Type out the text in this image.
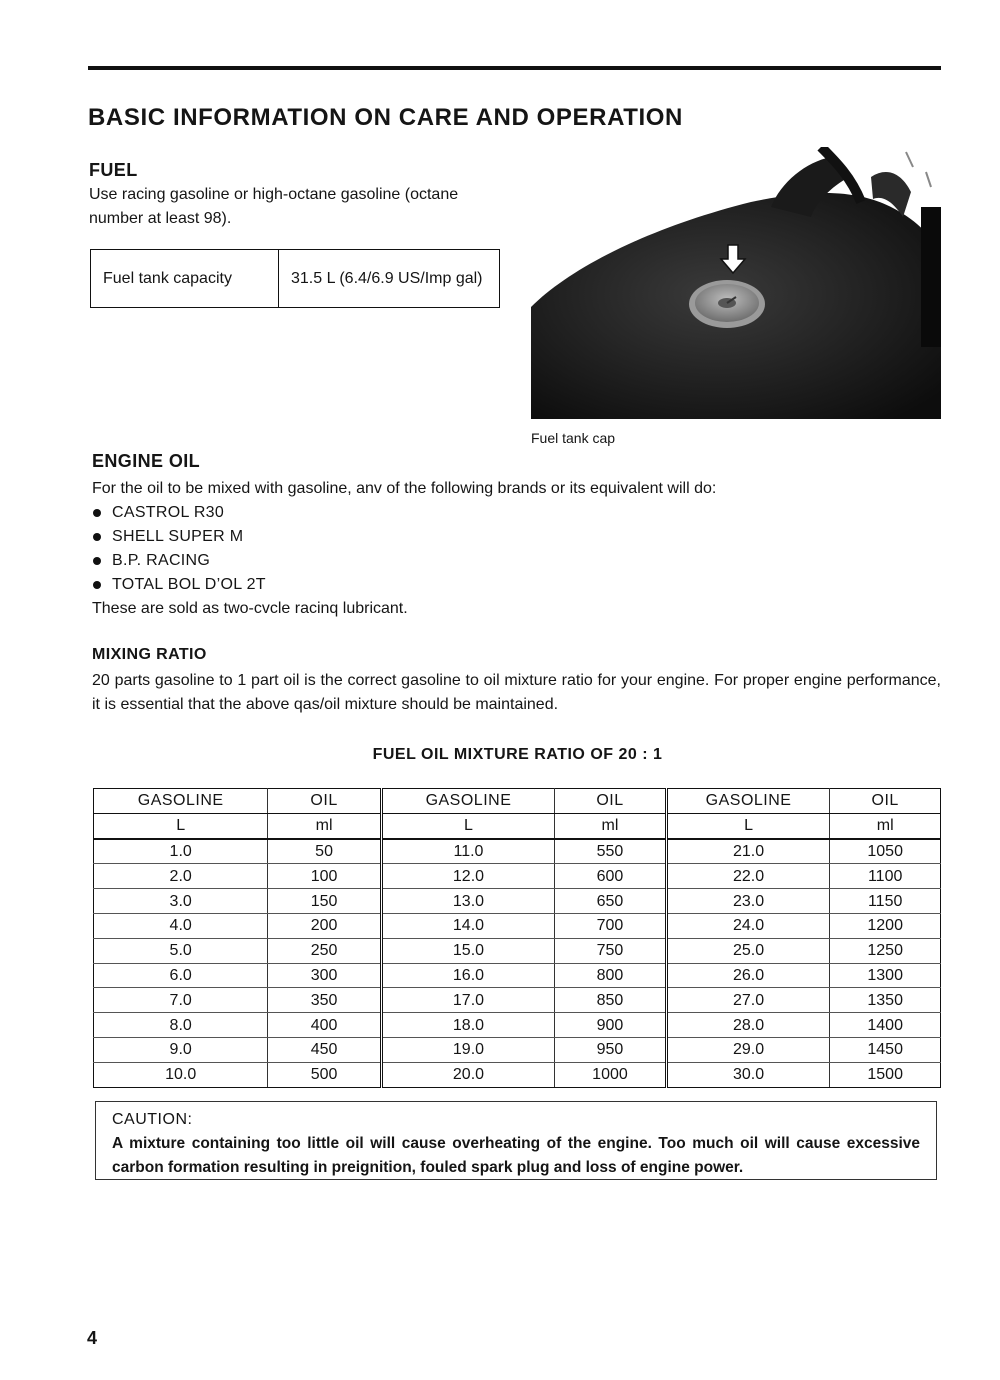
BASIC INFORMATION ON CARE AND OPERATION
FUEL

Use racing gasoline or high-octane gasoline (octane number at least 98).

Fuel tank capacity	31.5 L (6.4/6.9 US/Imp gal)
Fuel tank cap
ENGINE OIL

For the oil to be mixed with gasoline, anv of the following brands or its equivalent will do:

CASTROL R30
SHELL SUPER M
B.P. RACING
TOTAL BOL D’OL 2T

These are sold as two-cvcle racinq lubricant.

MIXING RATIO

20 parts gasoline to 1 part oil is the correct gasoline to oil mixture ratio for your engine. For proper engine performance, it is essential that the above qas/oil mixture should be maintained.

FUEL OIL MIXTURE RATIO OF 20 : 1
GASOLINE	OIL	GASOLINE	OIL	GASOLINE	OIL
L	ml	L	ml	L	ml
1.0	50	11.0	550	21.0	1050
2.0	100	12.0	600	22.0	1100
3.0	150	13.0	650	23.0	1150
4.0	200	14.0	700	24.0	1200
5.0	250	15.0	750	25.0	1250
6.0	300	16.0	800	26.0	1300
7.0	350	17.0	850	27.0	1350
8.0	400	18.0	900	28.0	1400
9.0	450	19.0	950	29.0	1450
10.0	500	20.0	1000	30.0	1500
CAUTION:
A mixture containing too little oil will cause overheating of the engine. Too much oil will cause excessive carbon formation resulting in preignition, fouled spark plug and loss of engine power.
4
